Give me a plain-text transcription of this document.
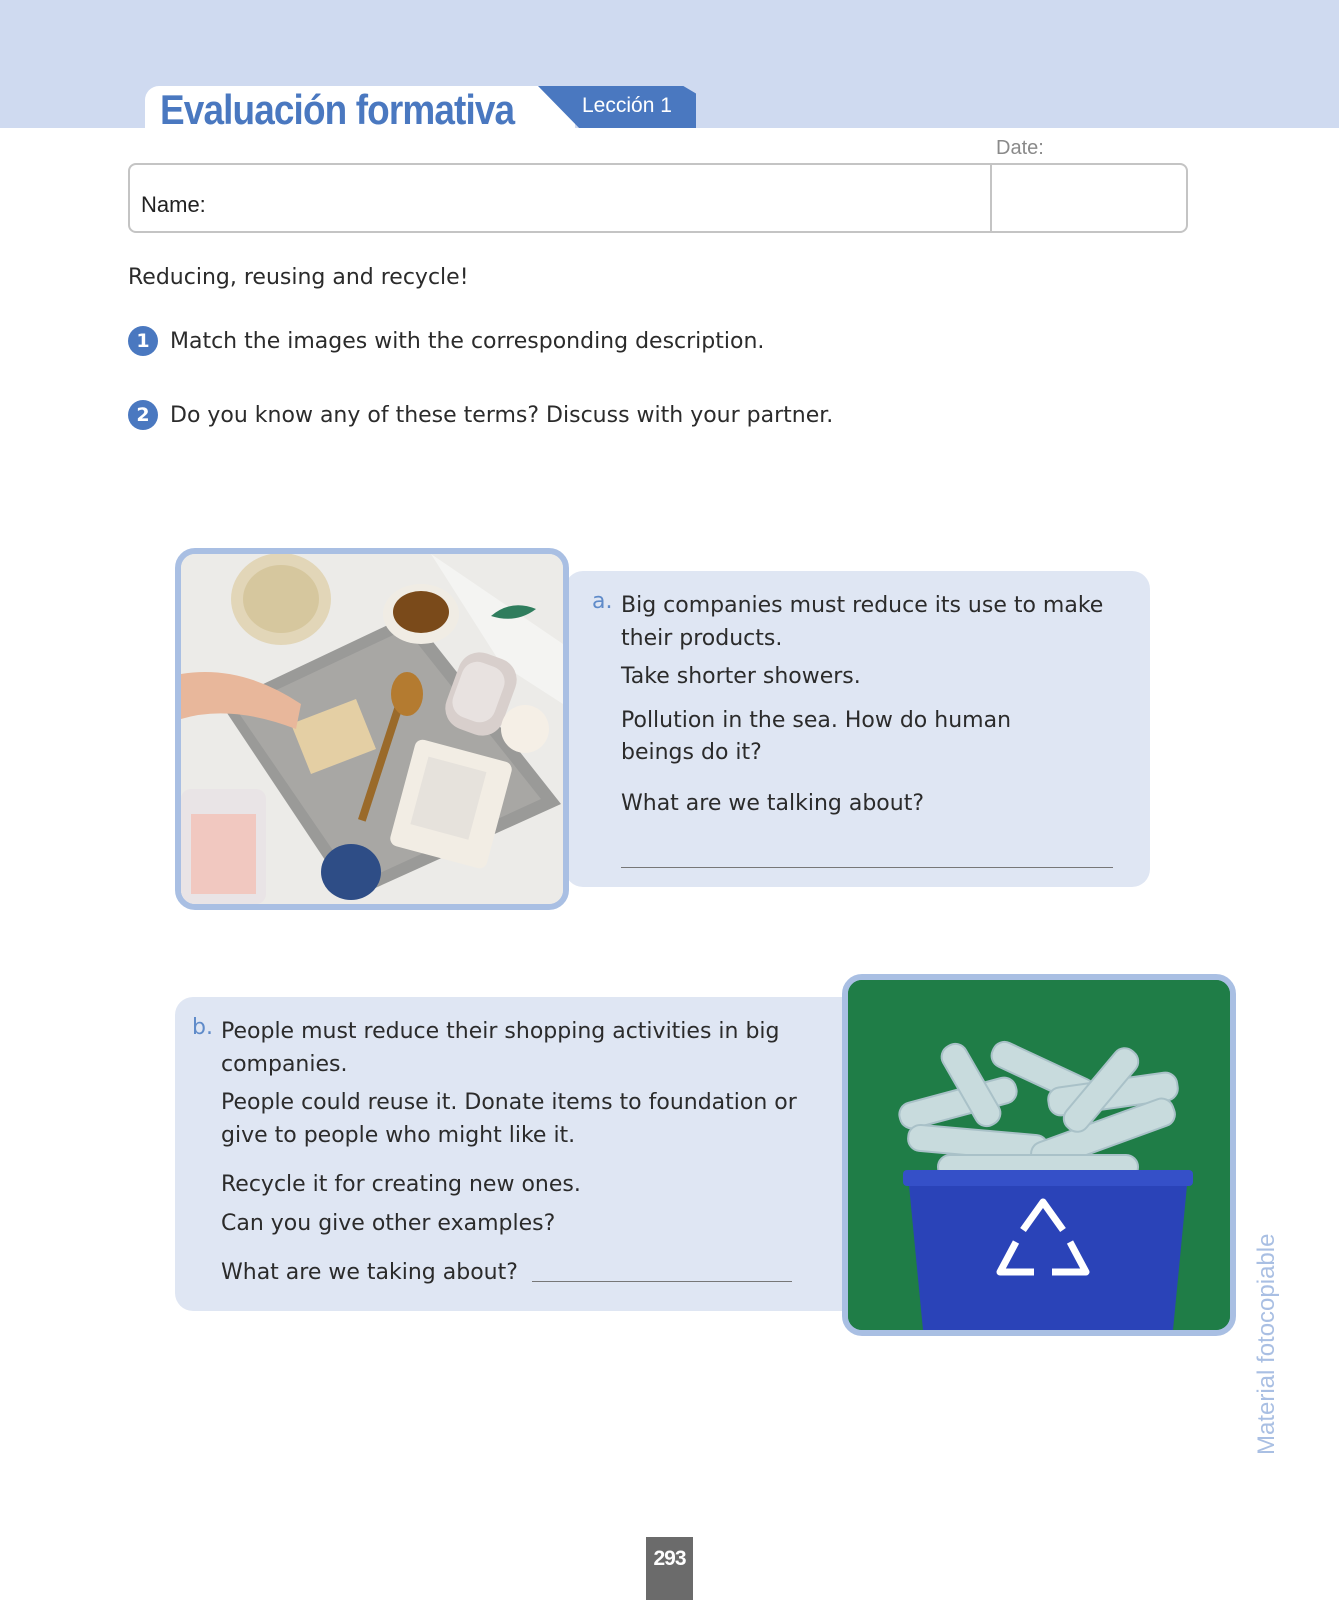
Evaluación formativa	Lección 1
Date:
Name:
Reducing, reusing and recycle!
1 Match the images with the corresponding description.
2 Do you know any of these terms? Discuss with your partner.
a. Big companies must reduce its use to make
their products.
Take shorter showers.
Pollution in the sea. How do human
beings do it?
What are we talking about?
b. People must reduce their shopping activities in big
companies.
People could reuse it. Donate items to foundation or
give to people who might like it.
Recycle it for creating new ones.
Can you give other examples?
What are we taking about?	Material fotocopiable
293
